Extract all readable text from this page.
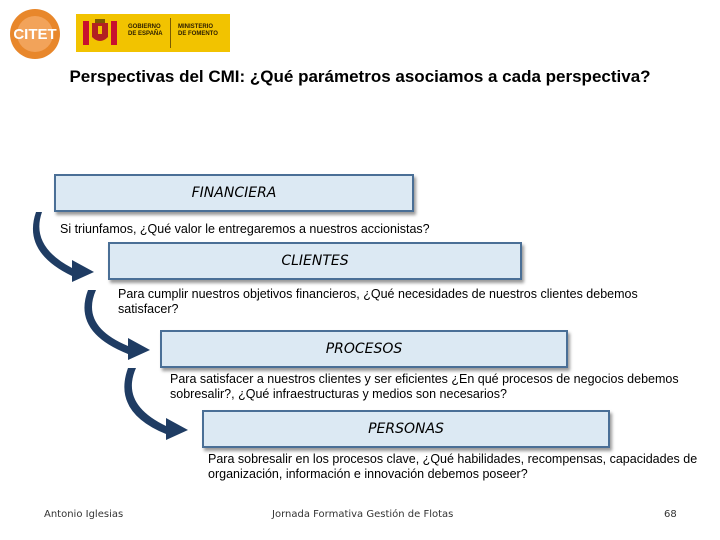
CITET	GOBIERNO
DE ESPAÑA
MINISTERIO
DE FOMENTO
Perspectivas del CMI: ¿Qué parámetros asociamos a cada perspectiva?
FINANCIERA
Si triunfamos, ¿Qué valor le entregaremos a nuestros accionistas?
CLIENTES
Para cumplir nuestros objetivos financieros, ¿Qué necesidades de nuestros clientes debemos satisfacer?
PROCESOS
Para satisfacer a nuestros clientes y ser eficientes ¿En qué procesos de negocios debemos sobresalir?, ¿Qué infraestructuras y medios son necesarios?
PERSONAS
Para sobresalir en los procesos clave, ¿Qué habilidades, recompensas, capacidades de organización, información e innovación debemos poseer?
Antonio Iglesias	Jornada Formativa Gestión de Flotas	68
